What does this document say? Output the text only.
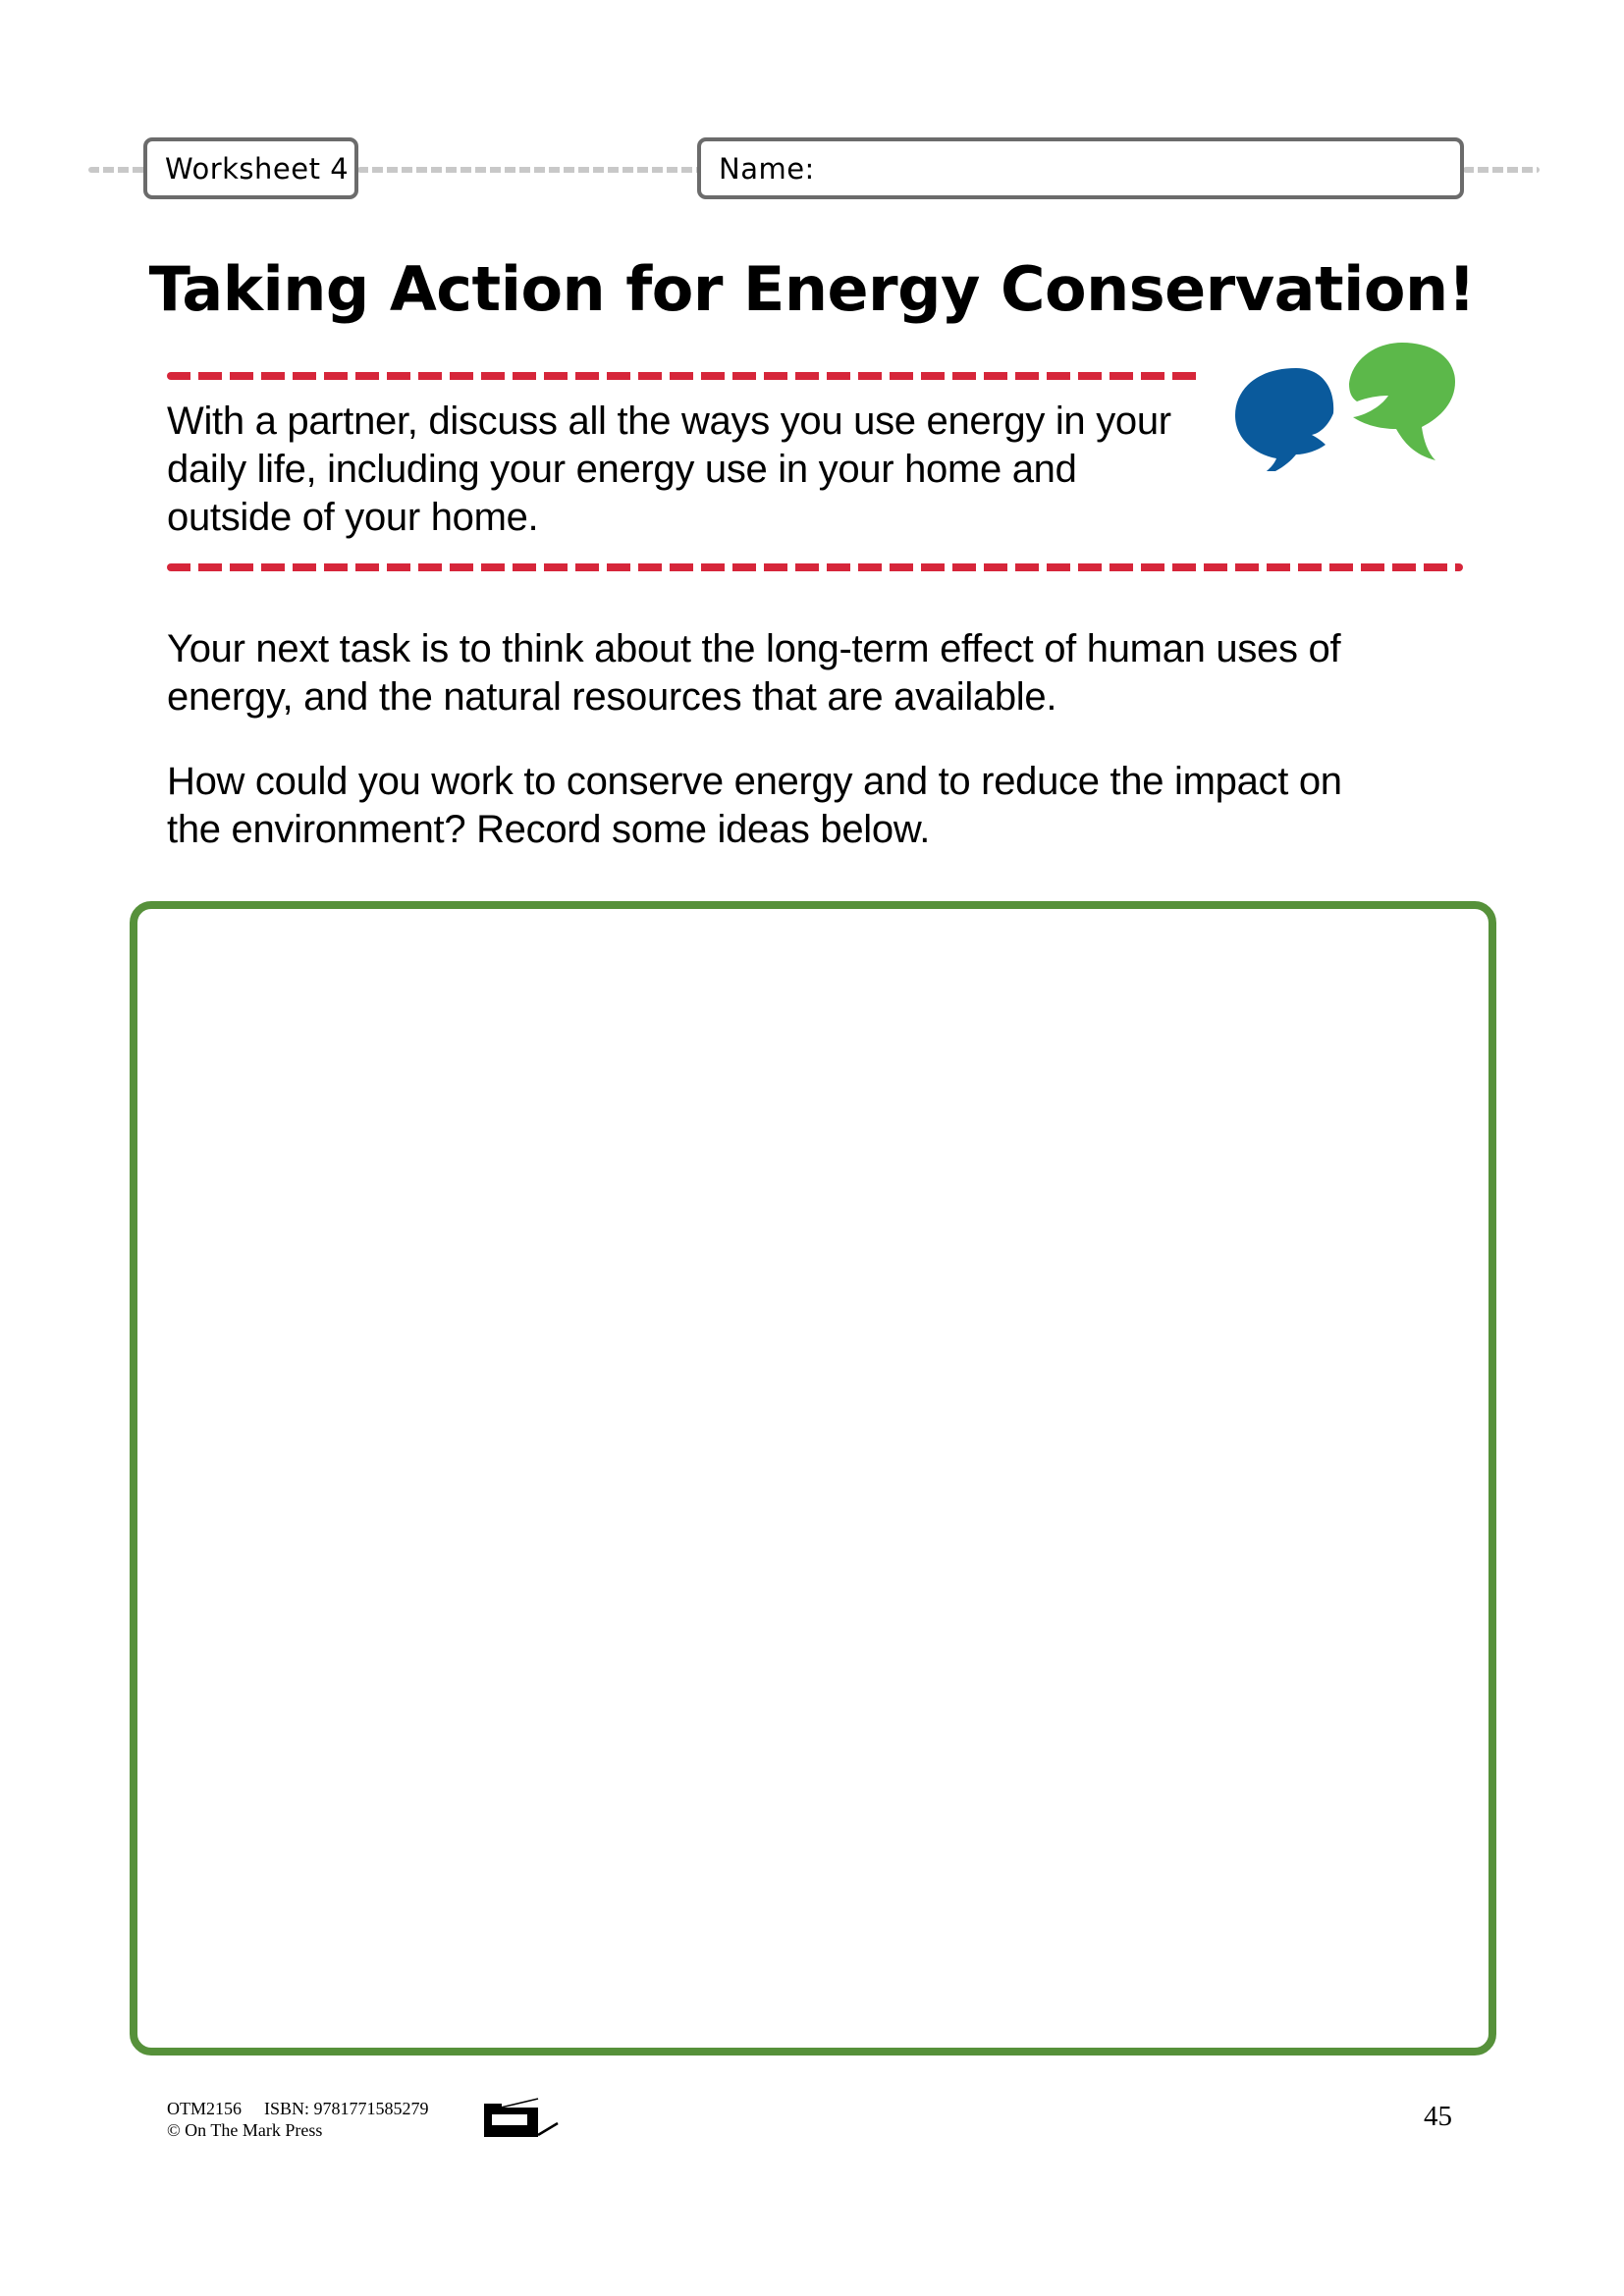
Worksheet 4	Name:
Taking Action for Energy Conservation!
With a partner, discuss all the ways you use energy in your
daily life, including your energy use in your home and
outside of your home.
Your next task is to think about the long-term effect of human uses of
energy, and the natural resources that are available.
How could you work to conserve energy and to reduce the impact on
the environment? Record some ideas below.
OTM2156 ISBN: 9781771585279
© On The Mark Press	45
